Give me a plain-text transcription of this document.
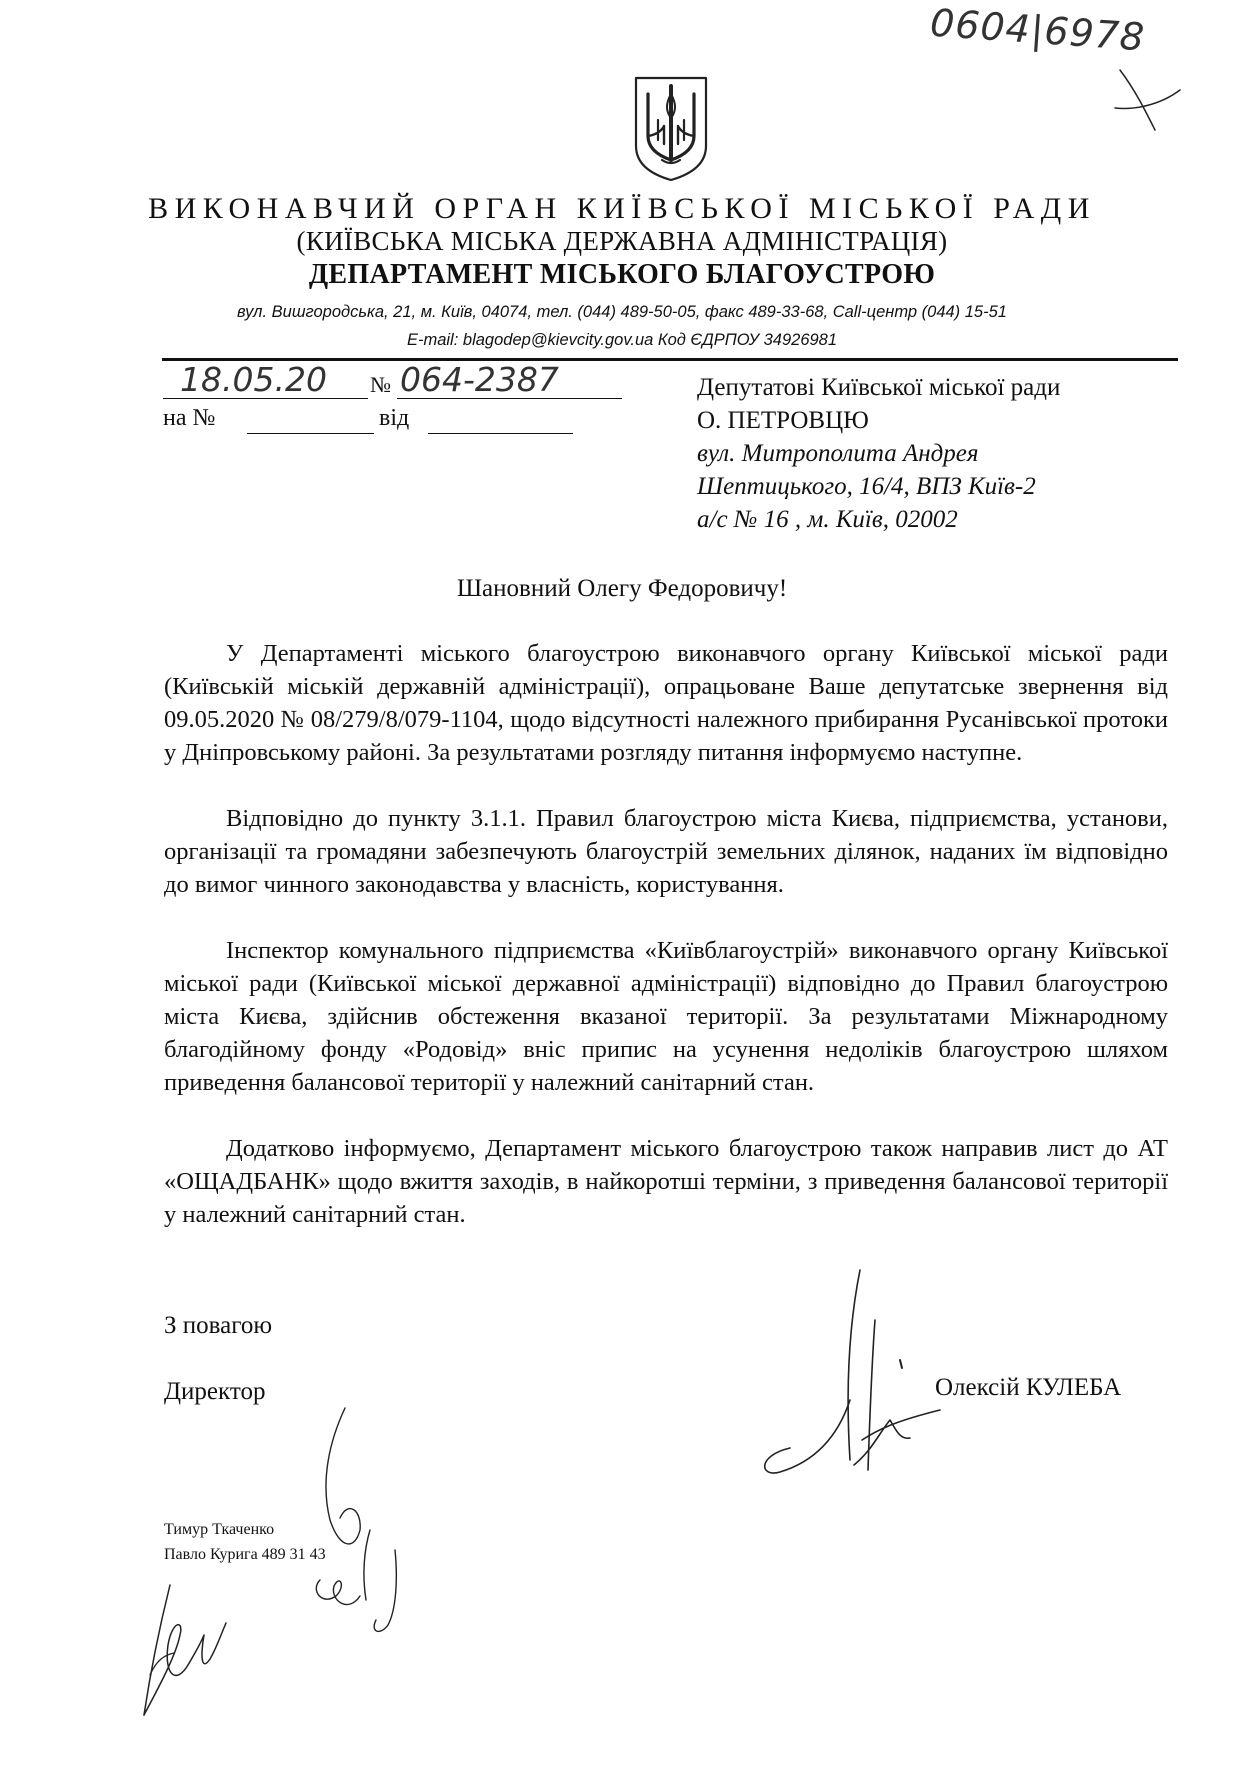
0604|6978
ВИКОНАВЧИЙ ОРГАН КИЇВСЬКОЇ МІСЬКОЇ РАДИ
(КИЇВСЬКА МІСЬКА ДЕРЖАВНА АДМІНІСТРАЦІЯ)
ДЕПАРТАМЕНТ МІСЬКОГО БЛАГОУСТРОЮ
вул. Вишгородська, 21, м. Київ, 04074, тел. (044) 489-50-05, факс 489-33-68, Call-центр (044) 15-51
E-mail: blagodep@kievcity.gov.ua Код ЄДРПОУ 34926981
18.05.20 № 064-2387
на №	від
Депутатові Київської міської ради
О. ПЕТРОВЦЮ
вул. Митрополита Андрея
Шептицького, 16/4, ВПЗ Київ-2
а/с № 16 , м. Київ, 02002
Шановний Олегу Федоровичу!

У Департаменті міського благоустрою виконавчого органу Київської міської ради (Київській міській державній адміністрації), опрацьоване Ваше депутатське звернення від 09.05.2020 № 08/279/8/079-1104, щодо відсутності належного прибирання Русанівської протоки у Дніпровському районі. За результатами розгляду питання інформуємо наступне.

Відповідно до пункту 3.1.1. Правил благоустрою міста Києва, підприємства, установи, організації та громадяни забезпечують благоустрій земельних ділянок, наданих їм відповідно до вимог чинного законодавства у власність, користування.

Інспектор комунального підприємства «Київблагоустрій» виконавчого органу Київської міської ради (Київської міської державної адміністрації) відповідно до Правил благоустрою міста Києва, здійснив обстеження вказаної території. За результатами Міжнародному благодійному фонду «Родовід» вніс припис на усунення недоліків благоустрою шляхом приведення балансової території у належний санітарний стан.

Додатково інформуємо, Департамент міського благоустрою також направив лист до АТ «ОЩАДБАНК» щодо вжиття заходів, в найкоротші терміни, з приведення балансової території у належний санітарний стан.

З повагою
Директор	Олексій КУЛЕБА
Тимур Ткаченко
Павло Курига 489 31 43
